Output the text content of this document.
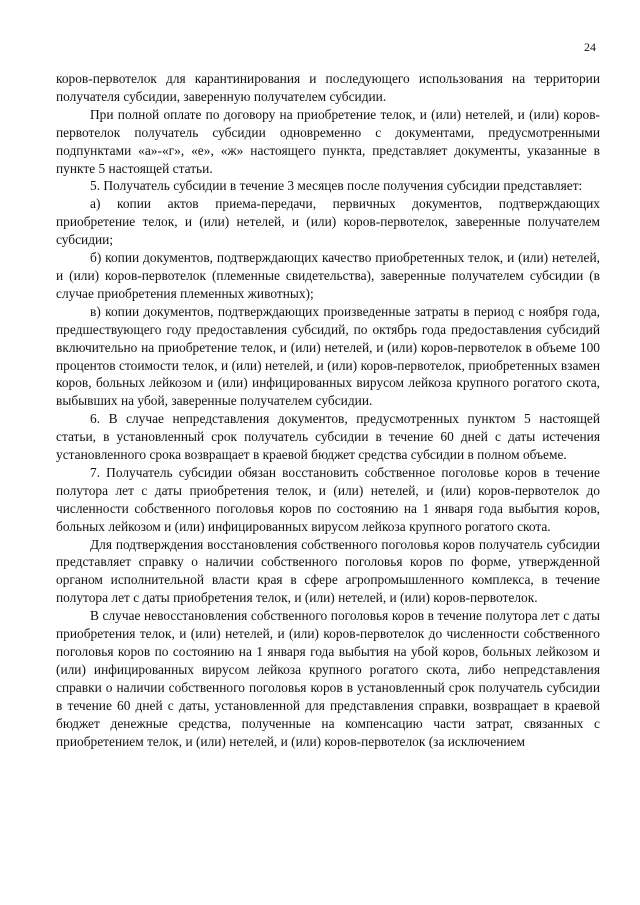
24

коров-первотелок для карантинирования и последующего использования на территории получателя субсидии, заверенную получателем субсидии.

При полной оплате по договору на приобретение телок, и (или) нетелей, и (или) коров-первотелок получатель субсидии одновременно с документами, предусмотренными подпунктами «а»-«г», «е», «ж» настоящего пункта, представляет документы, указанные в пункте 5 настоящей статьи.

5. Получатель субсидии в течение 3 месяцев после получения субсидии представляет:

а) копии актов приема-передачи, первичных документов, подтверждающих приобретение телок, и (или) нетелей, и (или) коров-первотелок, заверенные получателем субсидии;

б) копии документов, подтверждающих качество приобретенных телок, и (или) нетелей, и (или) коров-первотелок (племенные свидетельства), заверенные получателем субсидии (в случае приобретения племенных животных);

в) копии документов, подтверждающих произведенные затраты в период с ноября года, предшествующего году предоставления субсидий, по октябрь года предоставления субсидий включительно на приобретение телок, и (или) нетелей, и (или) коров-первотелок в объеме 100 процентов стоимости телок, и (или) нетелей, и (или) коров-первотелок, приобретенных взамен коров, больных лейкозом и (или) инфицированных вирусом лейкоза крупного рогатого скота, выбывших на убой, заверенные получателем субсидии.

6. В случае непредставления документов, предусмотренных пунктом 5 настоящей статьи, в установленный срок получатель субсидии в течение 60 дней с даты истечения установленного срока возвращает в краевой бюджет средства субсидии в полном объеме.

7. Получатель субсидии обязан восстановить собственное поголовье коров в течение полутора лет с даты приобретения телок, и (или) нетелей, и (или) коров-первотелок до численности собственного поголовья коров по состоянию на 1 января года выбытия коров, больных лейкозом и (или) инфицированных вирусом лейкоза крупного рогатого скота.

Для подтверждения восстановления собственного поголовья коров получатель субсидии представляет справку о наличии собственного поголовья коров по форме, утвержденной органом исполнительной власти края в сфере агропромышленного комплекса, в течение полутора лет с даты приобретения телок, и (или) нетелей, и (или) коров-первотелок.

В случае невосстановления собственного поголовья коров в течение полутора лет с даты приобретения телок, и (или) нетелей, и (или) коров-первотелок до численности собственного поголовья коров по состоянию на 1 января года выбытия на убой коров, больных лейкозом и (или) инфицированных вирусом лейкоза крупного рогатого скота, либо непредставления справки о наличии собственного поголовья коров в установленный срок получатель субсидии в течение 60 дней с даты, установленной для представления справки, возвращает в краевой бюджет денежные средства, полученные на компенсацию части затрат, связанных с приобретением телок, и (или) нетелей, и (или) коров-первотелок (за исключением
